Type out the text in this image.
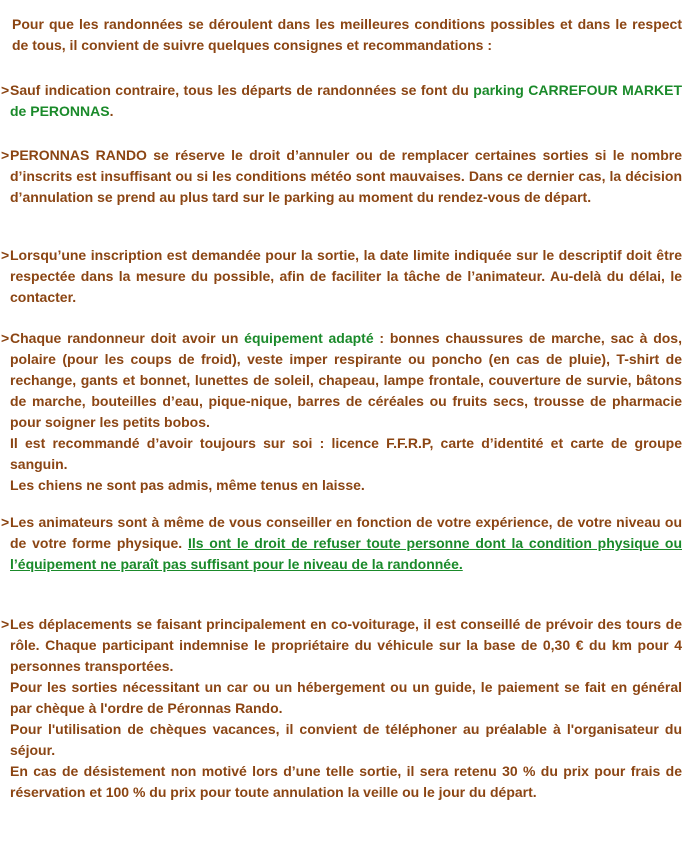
Pour que les randonnées se déroulent dans les meilleures conditions possibles et dans le respect de tous, il convient de suivre quelques consignes et recommandations :

> Sauf indication contraire, tous les départs de randonnées se font du parking CARREFOUR MARKET de PERONNAS.

> PERONNAS RANDO se réserve le droit d’annuler ou de remplacer certaines sorties si le nombre d’inscrits est insuffisant ou si les conditions météo sont mauvaises. Dans ce dernier cas, la décision d’annulation se prend au plus tard sur le parking au moment du rendez-vous de départ.

> Lorsqu’une inscription est demandée pour la sortie, la date limite indiquée sur le descriptif doit être respectée dans la mesure du possible, afin de faciliter la tâche de l’animateur. Au-delà du délai, le contacter.

> Chaque randonneur doit avoir un équipement adapté : bonnes chaussures de marche, sac à dos, polaire (pour les coups de froid), veste imper respirante ou poncho (en cas de pluie), T-shirt de rechange, gants et bonnet, lunettes de soleil, chapeau, lampe frontale, couverture de survie, bâtons de marche, bouteilles d’eau, pique-nique, barres de céréales ou fruits secs, trousse de pharmacie pour soigner les petits bobos.

Il est recommandé d’avoir toujours sur soi : licence F.F.R.P, carte d’identité et carte de groupe sanguin.

Les chiens ne sont pas admis, même tenus en laisse.

> Les animateurs sont à même de vous conseiller en fonction de votre expérience, de votre niveau ou de votre forme physique. Ils ont le droit de refuser toute personne dont la condition physique ou l’équipement ne paraît pas suffisant pour le niveau de la randonnée.

> Les déplacements se faisant principalement en co-voiturage, il est conseillé de prévoir des tours de rôle. Chaque participant indemnise le propriétaire du véhicule sur la base de 0,30 € du km pour 4 personnes transportées.

Pour les sorties nécessitant un car ou un hébergement ou un guide, le paiement se fait en général par chèque à l'ordre de Péronnas Rando.

Pour l'utilisation de chèques vacances, il convient de téléphoner au préalable à l'organisateur du séjour.

En cas de désistement non motivé lors d’une telle sortie, il sera retenu 30 % du prix pour frais de réservation et 100 % du prix pour toute annulation la veille ou le jour du départ.
